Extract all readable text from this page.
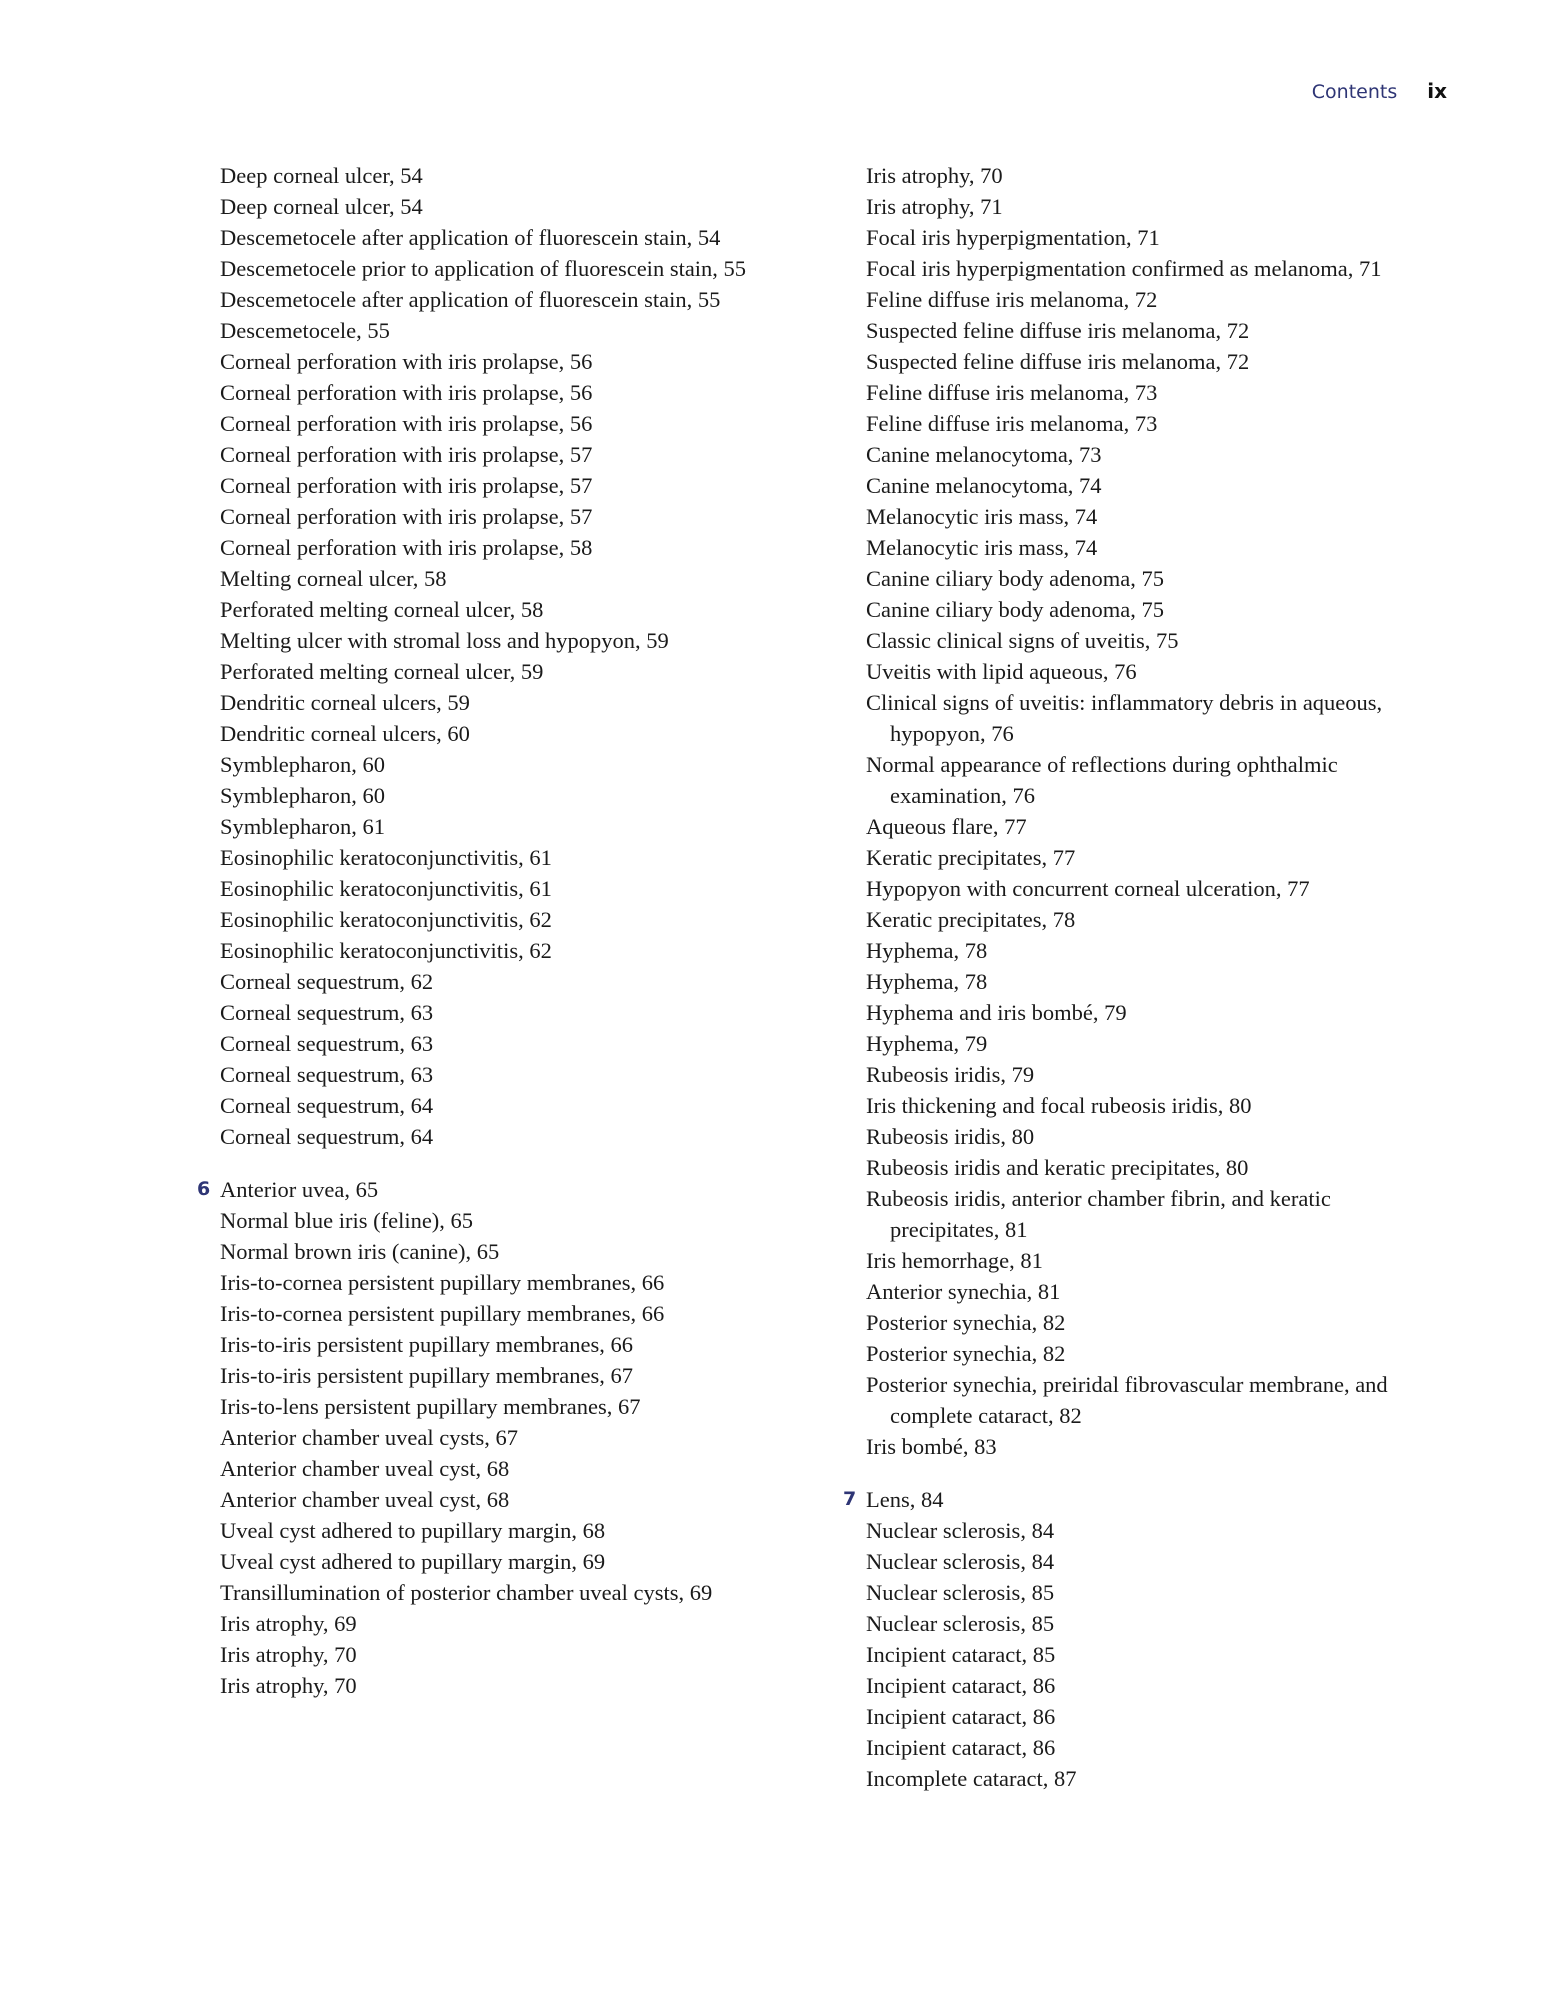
Contents ix

Deep corneal ulcer, 54

Deep corneal ulcer, 54

Descemetocele after application of fluorescein stain, 54

Descemetocele prior to application of fluorescein stain, 55

Descemetocele after application of fluorescein stain, 55

Descemetocele, 55

Corneal perforation with iris prolapse, 56

Corneal perforation with iris prolapse, 56

Corneal perforation with iris prolapse, 56

Corneal perforation with iris prolapse, 57

Corneal perforation with iris prolapse, 57

Corneal perforation with iris prolapse, 57

Corneal perforation with iris prolapse, 58

Melting corneal ulcer, 58

Perforated melting corneal ulcer, 58

Melting ulcer with stromal loss and hypopyon, 59

Perforated melting corneal ulcer, 59

Dendritic corneal ulcers, 59

Dendritic corneal ulcers, 60

Symblepharon, 60

Symblepharon, 60

Symblepharon, 61

Eosinophilic keratoconjunctivitis, 61

Eosinophilic keratoconjunctivitis, 61

Eosinophilic keratoconjunctivitis, 62

Eosinophilic keratoconjunctivitis, 62

Corneal sequestrum, 62

Corneal sequestrum, 63

Corneal sequestrum, 63

Corneal sequestrum, 63

Corneal sequestrum, 64

Corneal sequestrum, 64

6 Anterior uvea, 65

Normal blue iris (feline), 65

Normal brown iris (canine), 65

Iris-to-cornea persistent pupillary membranes, 66

Iris-to-cornea persistent pupillary membranes, 66

Iris-to-iris persistent pupillary membranes, 66

Iris-to-iris persistent pupillary membranes, 67

Iris-to-lens persistent pupillary membranes, 67

Anterior chamber uveal cysts, 67

Anterior chamber uveal cyst, 68

Anterior chamber uveal cyst, 68

Uveal cyst adhered to pupillary margin, 68

Uveal cyst adhered to pupillary margin, 69

Transillumination of posterior chamber uveal cysts, 69

Iris atrophy, 69

Iris atrophy, 70

Iris atrophy, 70

Iris atrophy, 70

Iris atrophy, 71

Focal iris hyperpigmentation, 71

Focal iris hyperpigmentation confirmed as melanoma, 71

Feline diffuse iris melanoma, 72

Suspected feline diffuse iris melanoma, 72

Suspected feline diffuse iris melanoma, 72

Feline diffuse iris melanoma, 73

Feline diffuse iris melanoma, 73

Canine melanocytoma, 73

Canine melanocytoma, 74

Melanocytic iris mass, 74

Melanocytic iris mass, 74

Canine ciliary body adenoma, 75

Canine ciliary body adenoma, 75

Classic clinical signs of uveitis, 75

Uveitis with lipid aqueous, 76

Clinical signs of uveitis: inflammatory debris in aqueous, hypopyon, 76

Normal appearance of reflections during ophthalmic examination, 76

Aqueous flare, 77

Keratic precipitates, 77

Hypopyon with concurrent corneal ulceration, 77

Keratic precipitates, 78

Hyphema, 78

Hyphema, 78

Hyphema and iris bombé, 79

Hyphema, 79

Rubeosis iridis, 79

Iris thickening and focal rubeosis iridis, 80

Rubeosis iridis, 80

Rubeosis iridis and keratic precipitates, 80

Rubeosis iridis, anterior chamber fibrin, and keratic precipitates, 81

Iris hemorrhage, 81

Anterior synechia, 81

Posterior synechia, 82

Posterior synechia, 82

Posterior synechia, preiridal fibrovascular membrane, and complete cataract, 82

Iris bombé, 83

7 Lens, 84

Nuclear sclerosis, 84

Nuclear sclerosis, 84

Nuclear sclerosis, 85

Nuclear sclerosis, 85

Incipient cataract, 85

Incipient cataract, 86

Incipient cataract, 86

Incipient cataract, 86

Incomplete cataract, 87
